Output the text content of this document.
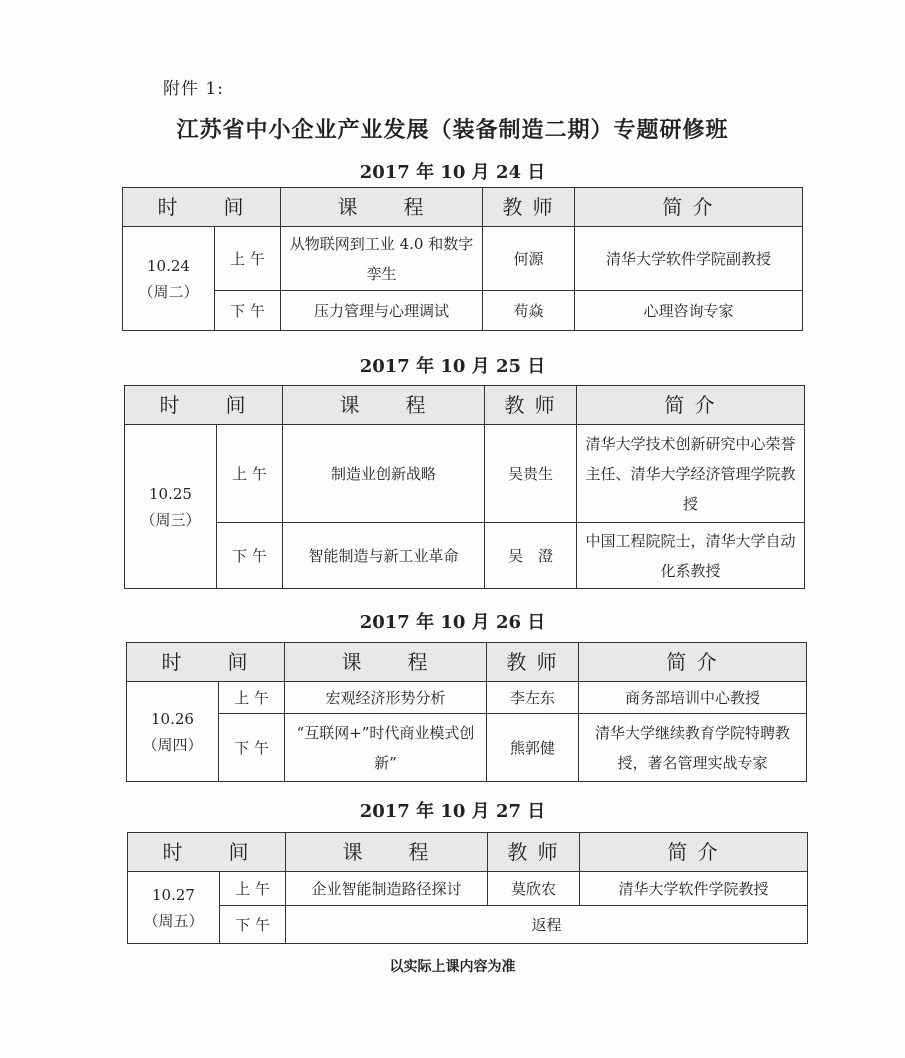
附件 1:
江苏省中小企业产业发展（装备制造二期）专题研修班
2017 年 10 月 24 日
时　　间		课　　程	教 师	简 介

10.24
（周二）	上 午	从物联网到工业 4.0 和数字孪生	何源	清华大学软件学院副教授
	下 午	压力管理与心理调试	苟焱	心理咨询专家
2017 年 10 月 25 日
时　　间		课　　程	教 师	简 介

10.25
（周三）	上 午	制造业创新战略	吴贵生	清华大学技术创新研究中心荣誉主任、清华大学经济管理学院教授
	下 午	智能制造与新工业革命	吴　澄	中国工程院院士，清华大学自动化系教授
2017 年 10 月 26 日
时　　间		课　　程	教 师	简 介

10.26
（周四）	上 午	宏观经济形势分析	李左东	商务部培训中心教授
	下 午	“互联网+”时代商业模式创新”	熊郭健	清华大学继续教育学院特聘教授，著名管理实战专家
2017 年 10 月 27 日
时　　间		课　　程	教 师	简 介

10.27
（周五）	上 午	企业智能制造路径探讨	莫欣农	清华大学软件学院教授
	下 午	返程		
以实际上课内容为准
